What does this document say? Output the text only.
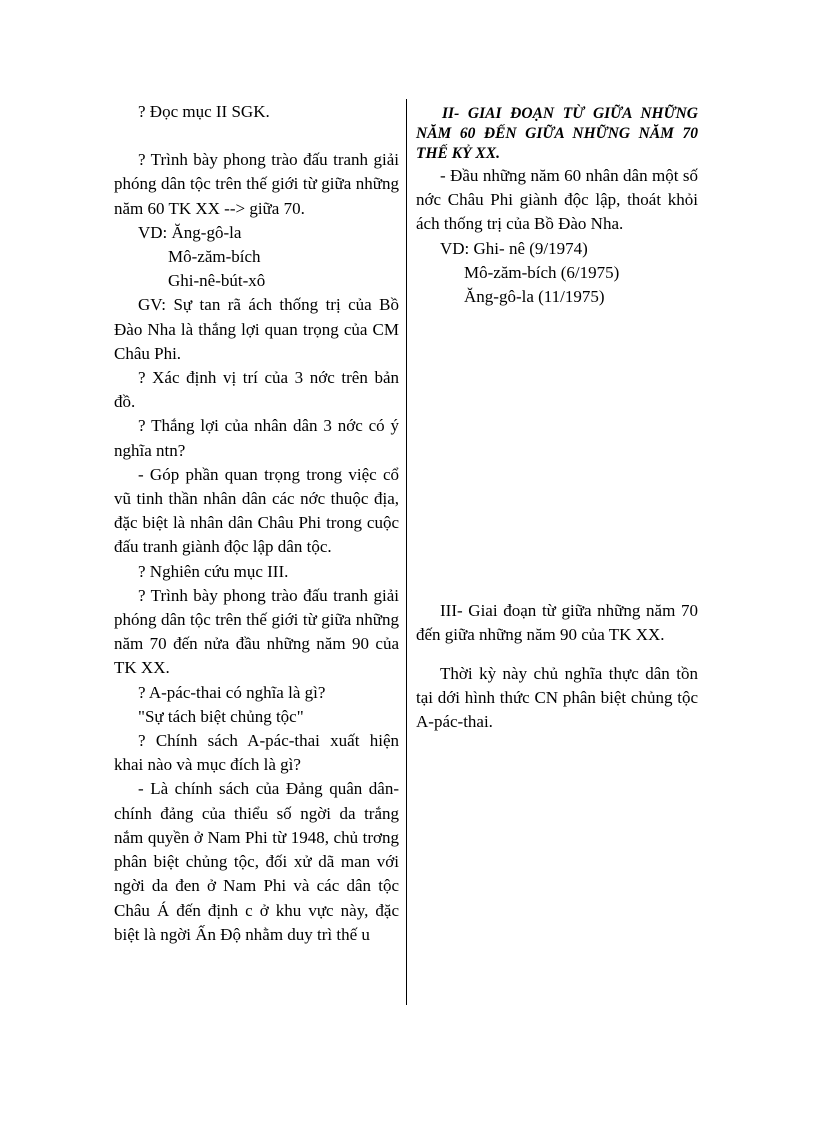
? Đọc mục II SGK.

? Trình bày phong trào đấu tranh giải phóng dân tộc trên thế giới từ giữa những năm 60 TK XX --> giữa 70.

VD: Ăng-gô-la

Mô-zăm-bích

Ghi-nê-bút-xô

GV: Sự tan rã ách thống trị của Bồ Đào Nha là thắng lợi quan trọng của CM Châu Phi.

? Xác định vị trí của 3 nớc trên bản đồ.

? Thắng lợi của nhân dân 3 nớc có ý nghĩa ntn?

- Góp phần quan trọng trong việc cổ vũ tinh thần nhân dân các nớc thuộc địa, đặc biệt là nhân dân Châu Phi trong cuộc đấu tranh giành độc lập dân tộc.

? Nghiên cứu mục III.

? Trình bày phong trào đấu tranh giải phóng dân tộc trên thế giới từ giữa những năm 70 đến nửa đầu những năm 90 của TK XX.

? A-pác-thai có nghĩa là gì?

"Sự tách biệt chủng tộc"

? Chính sách A-pác-thai xuất hiện khai nào và mục đích là gì?

- Là chính sách của Đảng quân dân- chính đảng của thiểu số ngời da trắng nắm quyền ở Nam Phi từ 1948, chủ trơng phân biệt chủng tộc, đối xử dã man với ngời da đen ở Nam Phi và các dân tộc Châu Á đến định c ở khu vực này, đặc biệt là ngời Ấn Độ nhằm duy trì thế u

II- GIAI ĐOẠN TỪ GIỮA NHỮNG NĂM 60 ĐẾN GIỮA NHỮNG NĂM 70 THẾ KỶ XX.

- Đầu những năm 60 nhân dân một số nớc Châu Phi giành độc lập, thoát khỏi ách thống trị của Bồ Đào Nha.

VD: Ghi- nê (9/1974)

Mô-zăm-bích (6/1975)

Ăng-gô-la (11/1975)

III- Giai đoạn từ giữa những năm 70 đến giữa những năm 90 của TK XX.

Thời kỳ này chủ nghĩa thực dân tồn tại dới hình thức CN phân biệt chủng tộc A-pác-thai.
